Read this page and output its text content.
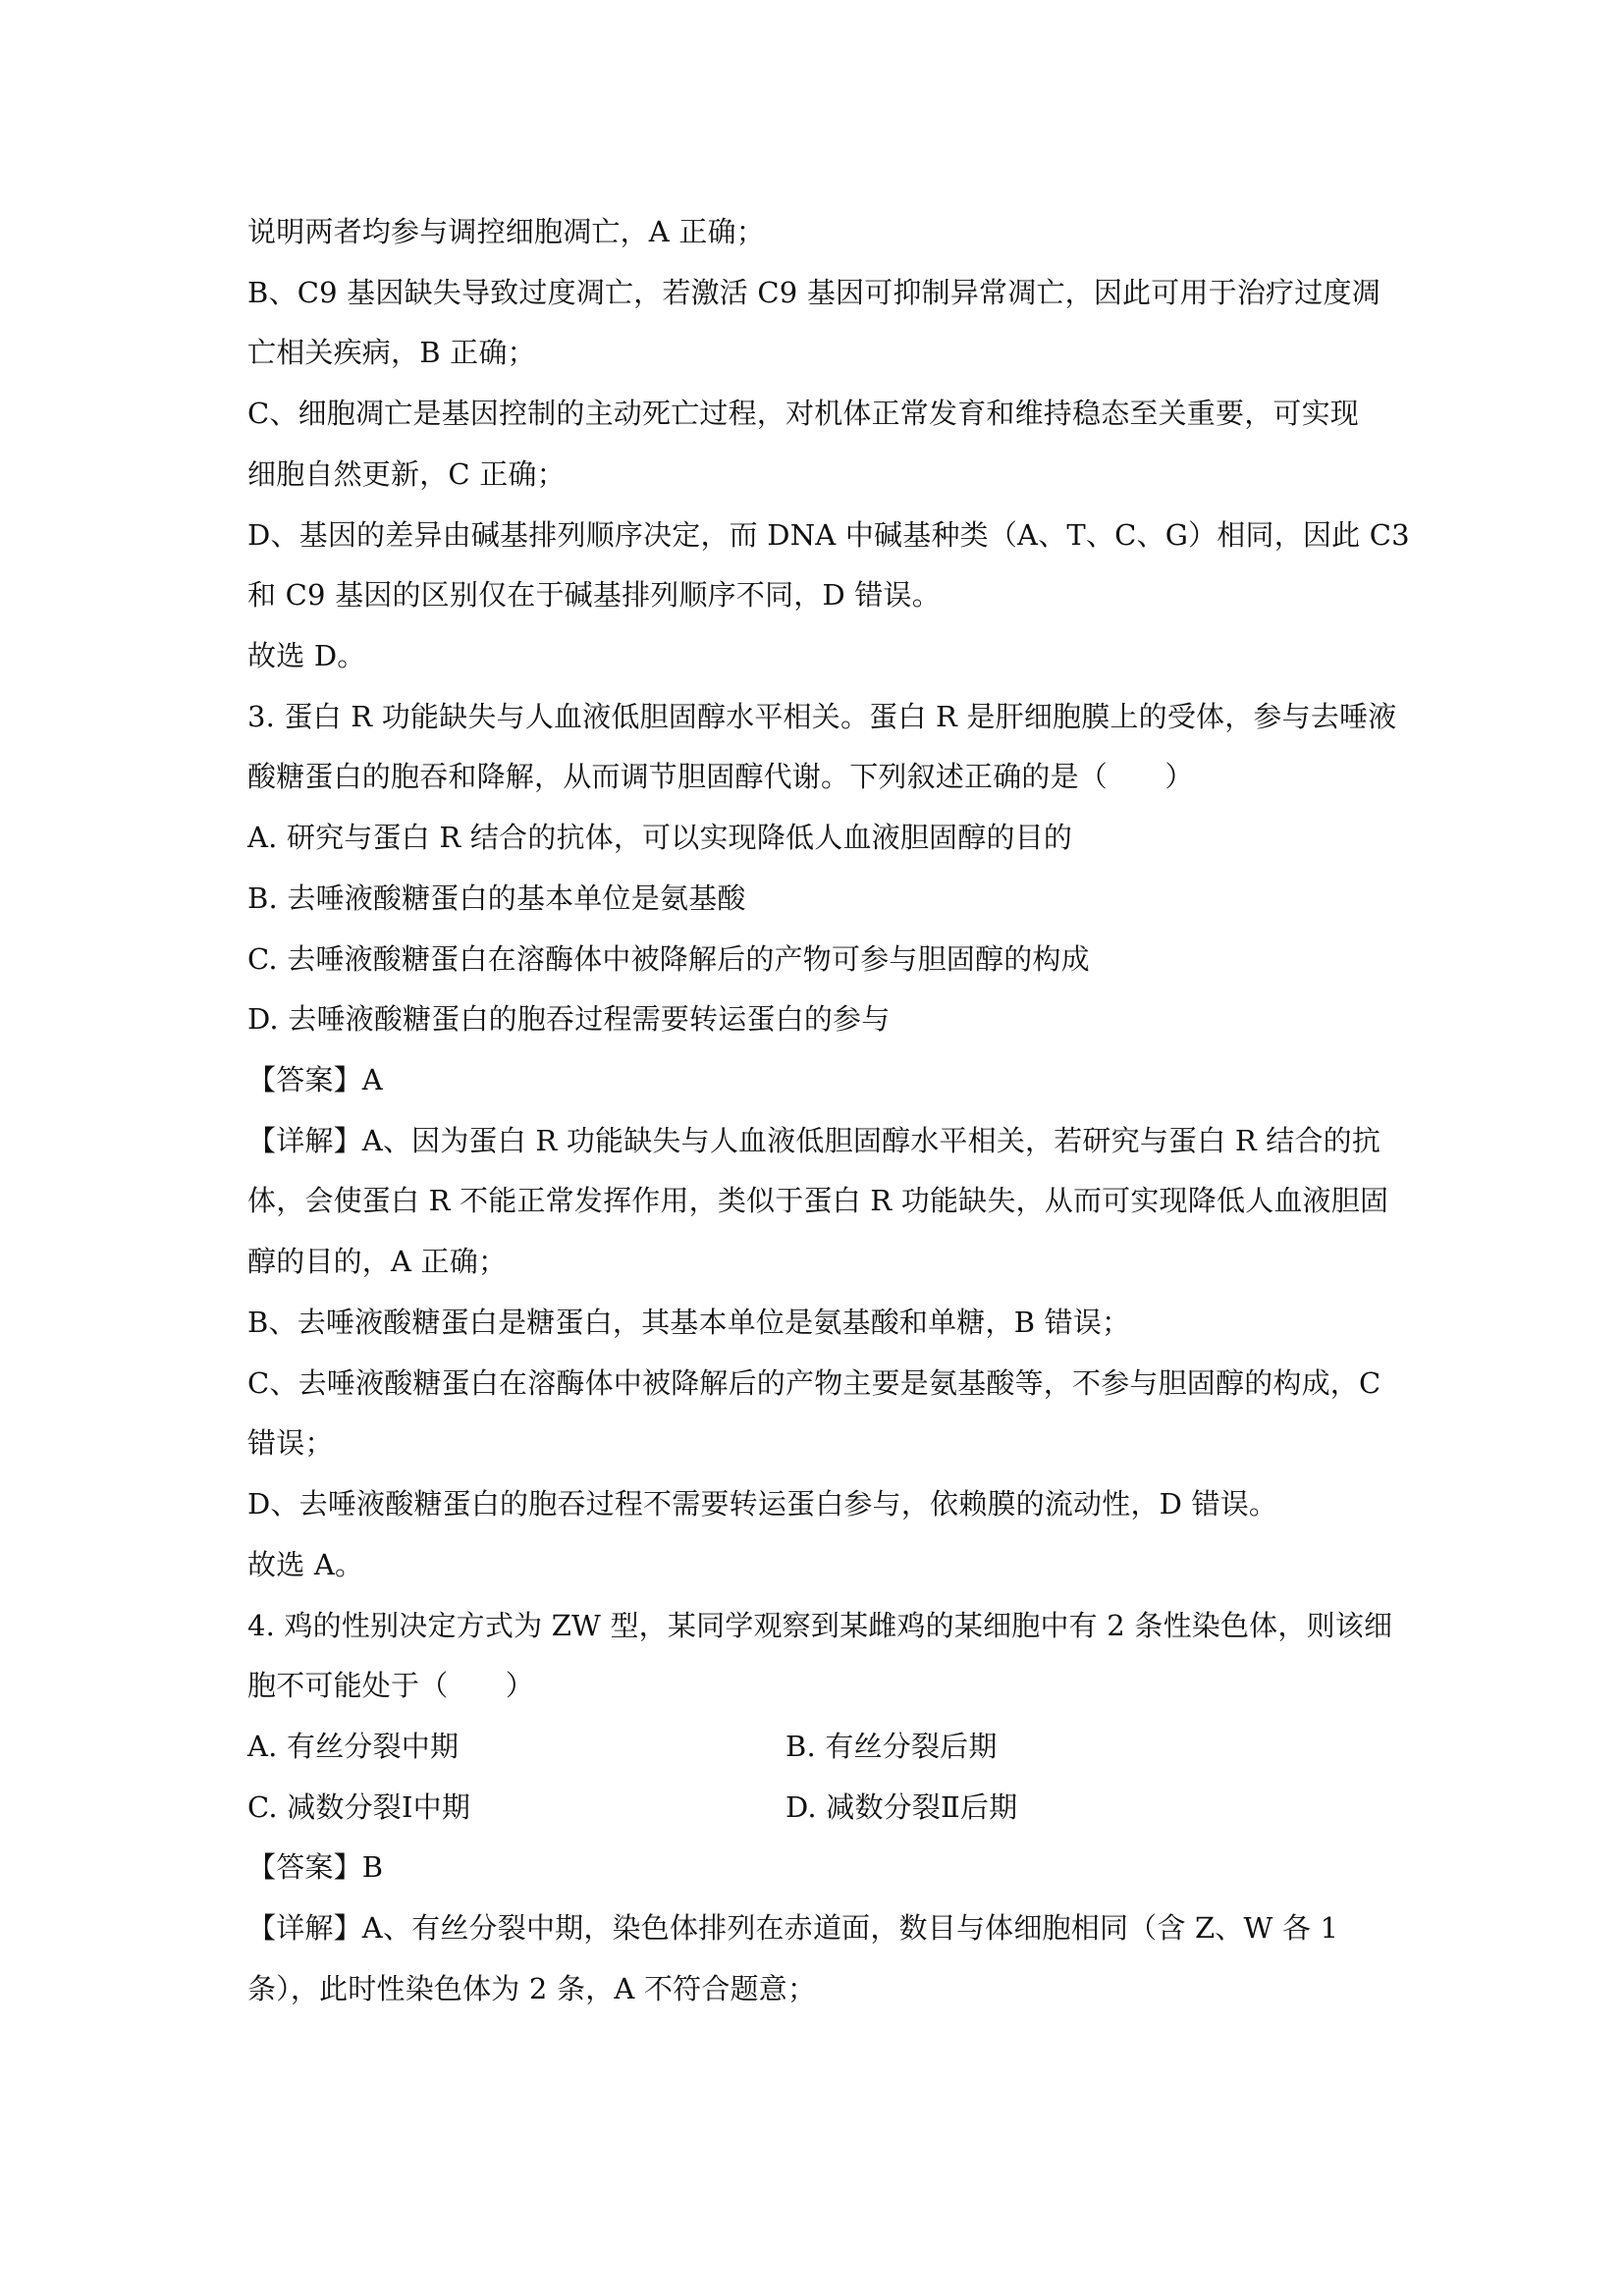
说明两者均参与调控细胞凋亡，A 正确；
B、C9 基因缺失导致过度凋亡，若激活 C9 基因可抑制异常凋亡，因此可用于治疗过度凋
亡相关疾病，B 正确；
C、细胞凋亡是基因控制的主动死亡过程，对机体正常发育和维持稳态至关重要，可实现
细胞自然更新，C 正确；
D、基因的差异由碱基排列顺序决定，而 DNA 中碱基种类（A、T、C、G）相同，因此 C3
和 C9 基因的区别仅在于碱基排列顺序不同，D 错误。
故选 D。
3. 蛋白 R 功能缺失与人血液低胆固醇水平相关。蛋白 R 是肝细胞膜上的受体，参与去唾液
酸糖蛋白的胞吞和降解，从而调节胆固醇代谢。下列叙述正确的是（　　）
A. 研究与蛋白 R 结合的抗体，可以实现降低人血液胆固醇的目的
B. 去唾液酸糖蛋白的基本单位是氨基酸
C. 去唾液酸糖蛋白在溶酶体中被降解后的产物可参与胆固醇的构成
D. 去唾液酸糖蛋白的胞吞过程需要转运蛋白的参与
【答案】A
【详解】A、因为蛋白 R 功能缺失与人血液低胆固醇水平相关，若研究与蛋白 R 结合的抗
体，会使蛋白 R 不能正常发挥作用，类似于蛋白 R 功能缺失，从而可实现降低人血液胆固
醇的目的，A 正确；
B、去唾液酸糖蛋白是糖蛋白，其基本单位是氨基酸和单糖，B 错误；
C、去唾液酸糖蛋白在溶酶体中被降解后的产物主要是氨基酸等，不参与胆固醇的构成，C
错误；
D、去唾液酸糖蛋白的胞吞过程不需要转运蛋白参与，依赖膜的流动性，D 错误。
故选 A。
4. 鸡的性别决定方式为 ZW 型，某同学观察到某雌鸡的某细胞中有 2 条性染色体，则该细
胞不可能处于（　　）
A. 有丝分裂中期	B. 有丝分裂后期
C. 减数分裂Ⅰ中期	D. 减数分裂Ⅱ后期
【答案】B
【详解】A、有丝分裂中期，染色体排列在赤道面，数目与体细胞相同（含 Z、W 各 1
条），此时性染色体为 2 条，A 不符合题意；
